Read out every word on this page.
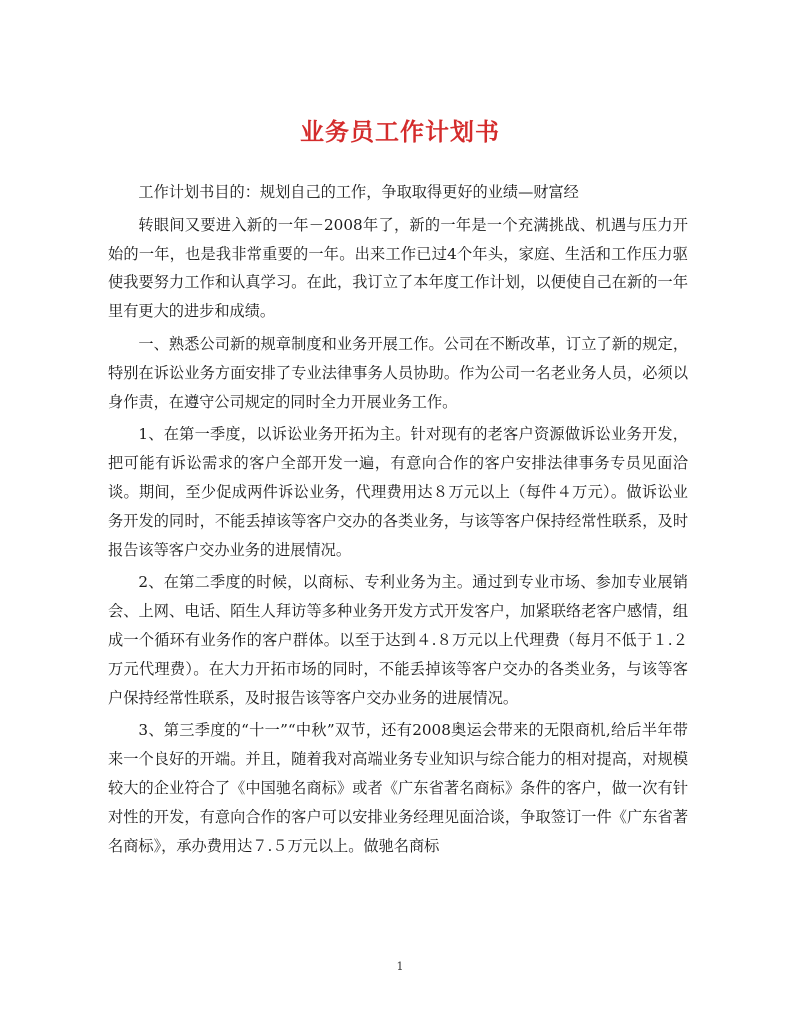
业务员工作计划书

工作计划书目的：规划自己的工作，争取取得更好的业绩—财富经

转眼间又要进入新的一年－2008年了，新的一年是一个充满挑战、机遇与压力开始的一年，也是我非常重要的一年。出来工作已过4个年头，家庭、生活和工作压力驱使我要努力工作和认真学习。在此，我订立了本年度工作计划，以便使自己在新的一年里有更大的进步和成绩。

一、熟悉公司新的规章制度和业务开展工作。公司在不断改革，订立了新的规定，特别在诉讼业务方面安排了专业法律事务人员协助。作为公司一名老业务人员，必须以身作责，在遵守公司规定的同时全力开展业务工作。

1、在第一季度，以诉讼业务开拓为主。针对现有的老客户资源做诉讼业务开发，把可能有诉讼需求的客户全部开发一遍，有意向合作的客户安排法律事务专员见面洽谈。期间，至少促成两件诉讼业务，代理费用达８万元以上（每件４万元）。做诉讼业务开发的同时，不能丢掉该等客户交办的各类业务，与该等客户保持经常性联系，及时报告该等客户交办业务的进展情况。

2、在第二季度的时候，以商标、专利业务为主。通过到专业市场、参加专业展销会、上网、电话、陌生人拜访等多种业务开发方式开发客户，加紧联络老客户感情，组成一个循环有业务作的客户群体。以至于达到４.８万元以上代理费（每月不低于１.２万元代理费）。在大力开拓市场的同时，不能丢掉该等客户交办的各类业务，与该等客户保持经常性联系，及时报告该等客户交办业务的进展情况。

3、第三季度的“十一”“中秋”双节，还有2008奥运会带来的无限商机,给后半年带来一个良好的开端。并且，随着我对高端业务专业知识与综合能力的相对提高，对规模较大的企业符合了《中国驰名商标》或者《广东省著名商标》条件的客户，做一次有针对性的开发，有意向合作的客户可以安排业务经理见面洽谈，争取签订一件《广东省著名商标》，承办费用达７.５万元以上。做驰名商标

1
